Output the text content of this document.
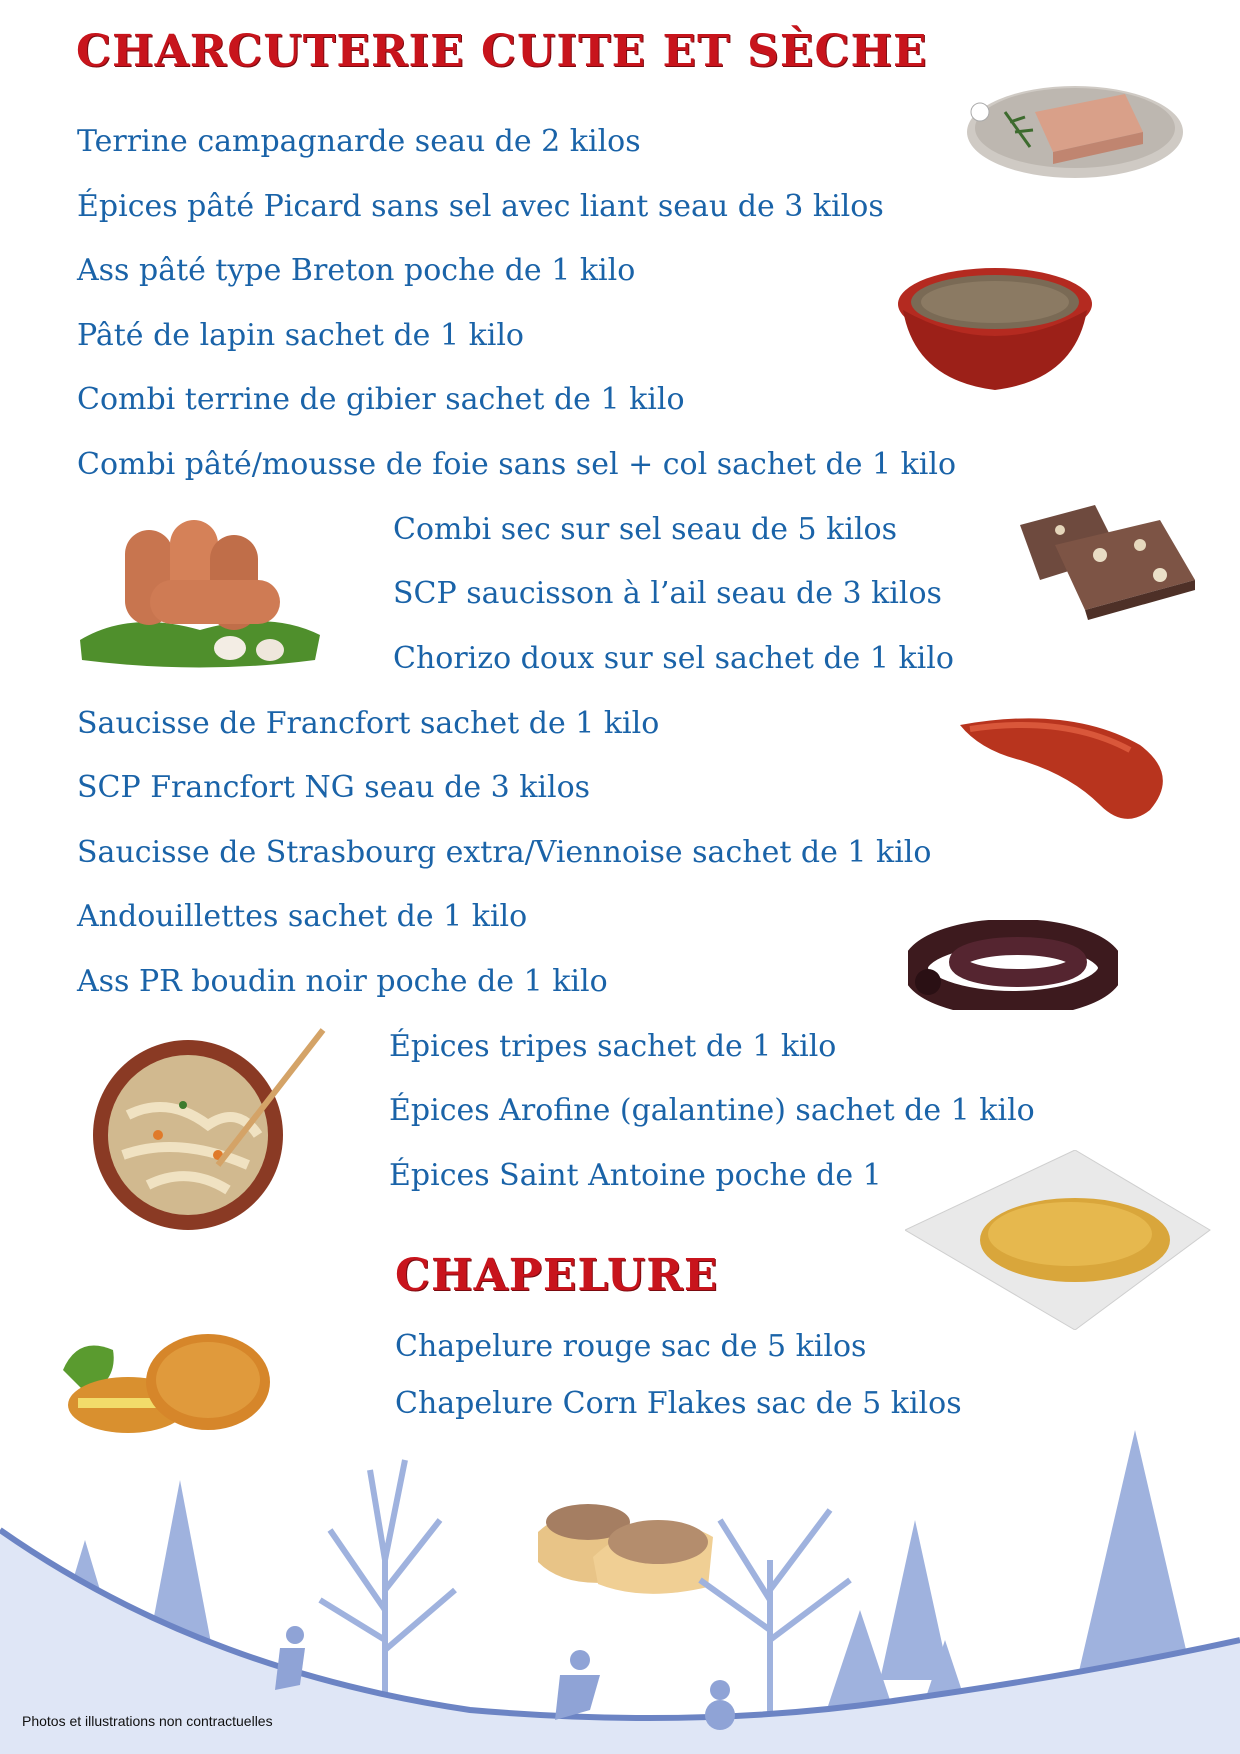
CHARCUTERIE CUITE ET SÈCHE
CHAPELURE

Terrine campagnarde seau de 2 kilos

Épices pâté Picard sans sel avec liant seau de 3 kilos

Ass pâté type Breton poche de 1 kilo

Pâté de lapin sachet de 1 kilo

Combi terrine de gibier sachet de 1 kilo

Combi pâté/mousse de foie sans sel + col sachet de 1 kilo

Combi sec sur sel seau de 5 kilos

SCP saucisson à l’ail seau de 3 kilos

Chorizo doux sur sel sachet de 1 kilo

Saucisse de Francfort sachet de 1 kilo

SCP Francfort NG seau de 3 kilos

Saucisse de Strasbourg extra/Viennoise sachet de 1 kilo

Andouillettes sachet de 1 kilo

Ass PR boudin noir poche de 1 kilo

Épices tripes sachet de 1 kilo

Épices Arofine (galantine) sachet de 1 kilo

Épices Saint Antoine poche de 1

Chapelure rouge sac de 5 kilos

Chapelure Corn Flakes sac de 5 kilos

Photos et illustrations non contractuelles
